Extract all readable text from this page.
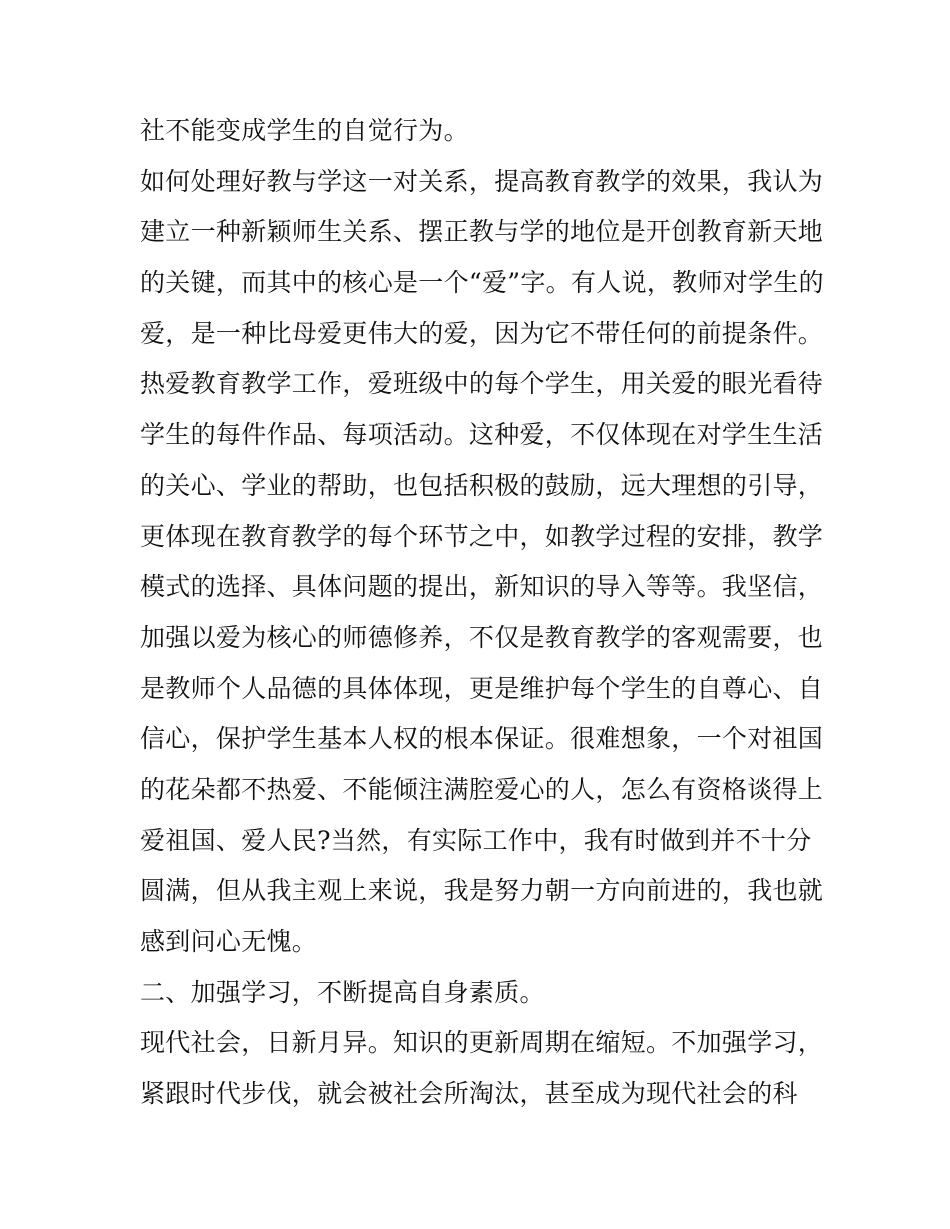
社不能变成学生的自觉行为。
如何处理好教与学这一对关系，提高教育教学的效果，我认为
建立一种新颖师生关系、摆正教与学的地位是开创教育新天地
的关键，而其中的核心是一个“爱”字。有人说，教师对学生的
爱，是一种比母爱更伟大的爱，因为它不带任何的前提条件。
热爱教育教学工作，爱班级中的每个学生，用关爱的眼光看待
学生的每件作品、每项活动。这种爱，不仅体现在对学生生活
的关心、学业的帮助，也包括积极的鼓励，远大理想的引导，
更体现在教育教学的每个环节之中，如教学过程的安排，教学
模式的选择、具体问题的提出，新知识的导入等等。我坚信，
加强以爱为核心的师德修养，不仅是教育教学的客观需要，也
是教师个人品德的具体体现，更是维护每个学生的自尊心、自
信心，保护学生基本人权的根本保证。很难想象，一个对祖国
的花朵都不热爱、不能倾注满腔爱心的人，怎么有资格谈得上
爱祖国、爱人民?当然，有实际工作中，我有时做到并不十分
圆满，但从我主观上来说，我是努力朝一方向前进的，我也就
感到问心无愧。
二、加强学习，不断提高自身素质。
现代社会，日新月异。知识的更新周期在缩短。不加强学习，
紧跟时代步伐，就会被社会所淘汰，甚至成为现代社会的科
